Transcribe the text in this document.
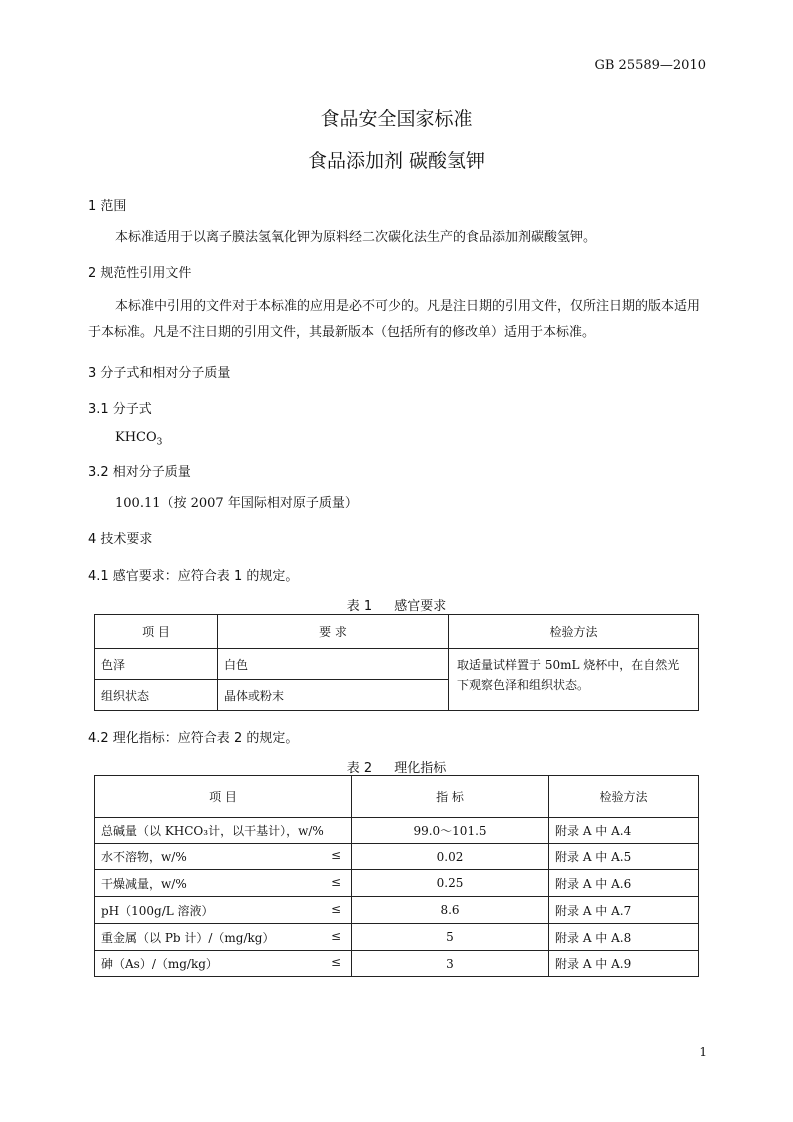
GB 25589—2010
食品安全国家标准
食品添加剂 碳酸氢钾
1 范围
本标准适用于以离子膜法氢氧化钾为原料经二次碳化法生产的食品添加剂碳酸氢钾。
2 规范性引用文件
本标准中引用的文件对于本标准的应用是必不可少的。凡是注日期的引用文件，仅所注日期的版本适用于本标准。凡是不注日期的引用文件，其最新版本（包括所有的修改单）适用于本标准。
3 分子式和相对分子质量
3.1 分子式
$KHCO_3$
3.2 相对分子质量
100.11（按 2007 年国际相对原子质量）
4 技术要求
4.1 感官要求：应符合表 1 的规定。
表 1 感官要求
项 目	要 求	检验方法
色泽	白色	取适量试样置于 50mL 烧杯中，在自然光下观察色泽和组织状态。
组织状态	晶体或粉末	
4.2 理化指标：应符合表 2 的规定。
表 2 理化指标
项 目	指 标	检验方法
总碱量（以 KHCO₃计，以干基计），w/%	99.0～101.5	附录 A 中 A.4
水不溶物，w/% ≤	0.02	附录 A 中 A.5
干燥减量，w/% ≤	0.25	附录 A 中 A.6
pH（100g/L 溶液） ≤	8.6	附录 A 中 A.7
重金属（以 Pb 计）/（mg/kg） ≤	5	附录 A 中 A.8
砷（As）/（mg/kg） ≤	3	附录 A 中 A.9
1
